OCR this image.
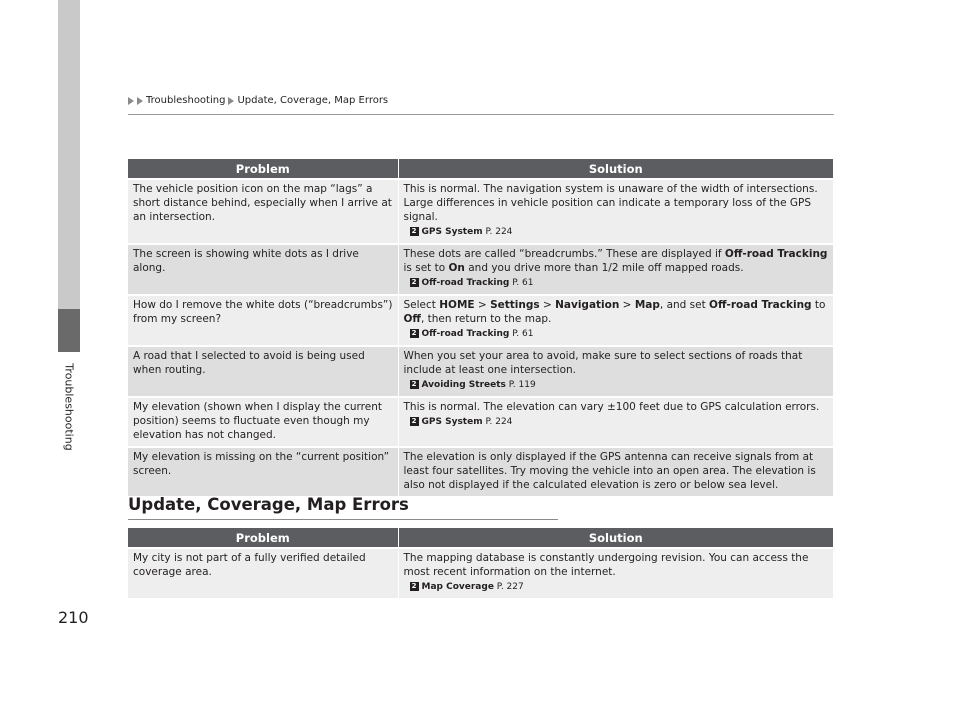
Troubleshooting
Troubleshooting Update, Coverage, Map Errors
Problem	Solution
The vehicle position icon on the map “lags” a short distance behind, especially when I arrive at an intersection.	This is normal. The navigation system is unaware of the width of intersections. Large differences in vehicle position can indicate a temporary loss of the GPS signal.
2 GPS System P. 224

The screen is showing white dots as I drive along.	These dots are called “breadcrumbs.” These are displayed if Off-road Tracking is set to On and you drive more than 1/2 mile off mapped roads.
2 Off-road Tracking P. 61

How do I remove the white dots (“breadcrumbs”) from my screen?	Select HOME > Settings > Navigation > Map, and set Off-road Tracking to Off, then return to the map.
2 Off-road Tracking P. 61

A road that I selected to avoid is being used when routing.	When you set your area to avoid, make sure to select sections of roads that include at least one intersection.
2 Avoiding Streets P. 119

My elevation (shown when I display the current position) seems to fluctuate even though my elevation has not changed.	This is normal. The elevation can vary ±100 feet due to GPS calculation errors.
2 GPS System P. 224

My elevation is missing on the “current position” screen.	The elevation is only displayed if the GPS antenna can receive signals from at least four satellites. Try moving the vehicle into an open area. The elevation is also not displayed if the calculated elevation is zero or below sea level.
Update, Coverage, Map Errors
Problem	Solution
My city is not part of a fully verified detailed coverage area.	The mapping database is constantly undergoing revision. You can access the most recent information on the internet.
2 Map Coverage P. 227
210
